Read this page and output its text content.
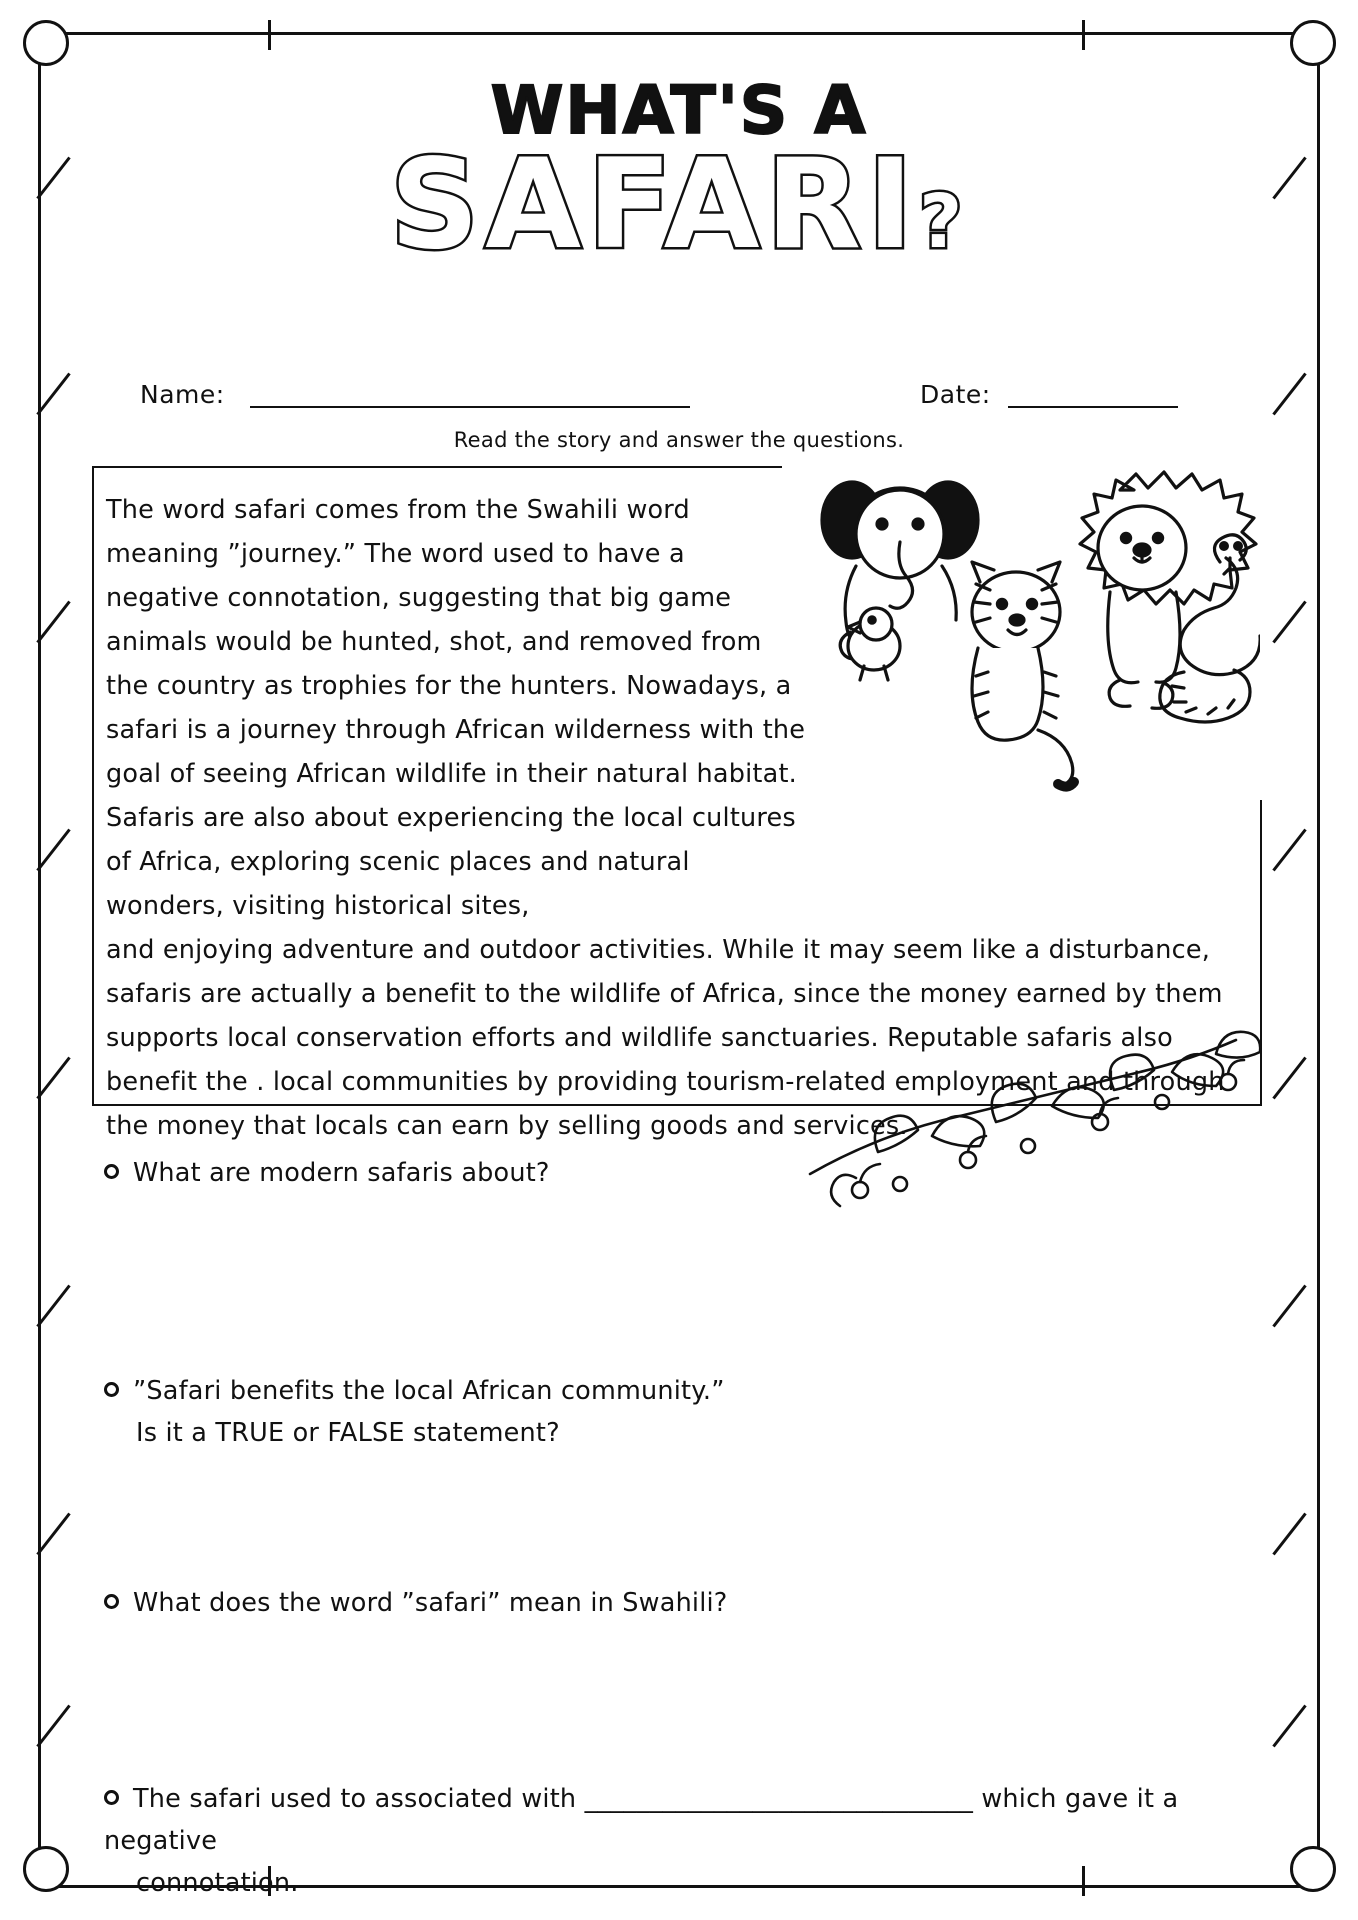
WHAT'S A
SAFARI?
Name:	Date:
Read the story and answer the questions.

The word safari comes from the Swahili word meaning ”journey.” The word used to have a negative connotation, suggesting that big game animals would be hunted, shot, and removed from the country as trophies for the hunters. Nowadays, a safari is a journey through African wilderness with the goal of seeing African wildlife in their natural habitat. Safaris are also about experiencing the local cultures of Africa, exploring scenic places and natural wonders, visiting historical sites,

and enjoying adventure and outdoor activities. While it may seem like a disturbance, safaris are actually a benefit to the wildlife of Africa, since the money earned by them supports local conservation efforts and wildlife sanctuaries. Reputable safaris also benefit the . local communities by providing tourism-related employment and through the money that locals can earn by selling goods and services.

What are modern safaris about?
”Safari benefits the local African community.”
Is it a TRUE or FALSE statement?
What does the word ”safari” mean in Swahili?
The safari used to associated with ______________________________ which gave it a negative
connotation.
